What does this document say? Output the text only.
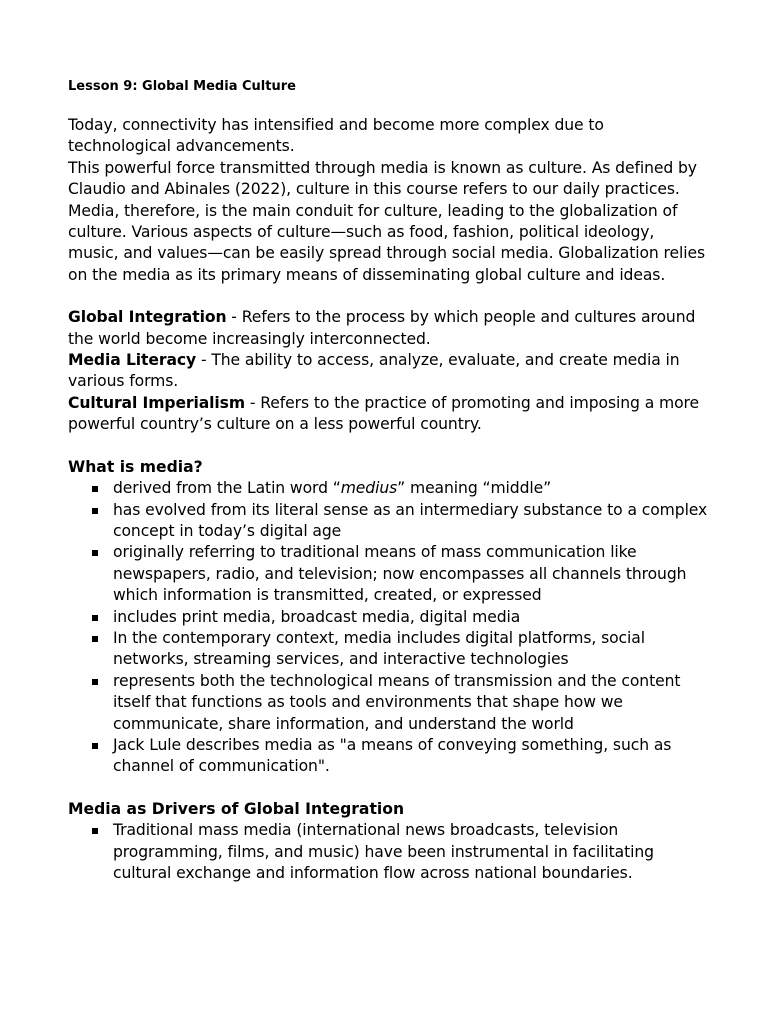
Lesson 9: Global Media Culture

Today, connectivity has intensified and become more complex due to technological advancements.

This powerful force transmitted through media is known as culture. As defined by Claudio and Abinales (2022), culture in this course refers to our daily practices. Media, therefore, is the main conduit for culture, leading to the globalization of culture. Various aspects of culture—such as food, fashion, political ideology, music, and values—can be easily spread through social media. Globalization relies on the media as its primary means of disseminating global culture and ideas.

Global Integration - Refers to the process by which people and cultures around the world become increasingly interconnected.

Media Literacy - The ability to access, analyze, evaluate, and create media in various forms.

Cultural Imperialism - Refers to the practice of promoting and imposing a more powerful country’s culture on a less powerful country.

What is media?
derived from the Latin word “medius” meaning “middle”
has evolved from its literal sense as an intermediary substance to a complex concept in today’s digital age
originally referring to traditional means of mass communication like newspapers, radio, and television; now encompasses all channels through which information is transmitted, created, or expressed
includes print media, broadcast media, digital media
In the contemporary context, media includes digital platforms, social networks, streaming services, and interactive technologies
represents both the technological means of transmission and the content itself that functions as tools and environments that shape how we communicate, share information, and understand the world
Jack Lule describes media as "a means of conveying something, such as channel of communication".
Media as Drivers of Global Integration
Traditional mass media (international news broadcasts, television programming, films, and music) have been instrumental in facilitating cultural exchange and information flow across national boundaries.
